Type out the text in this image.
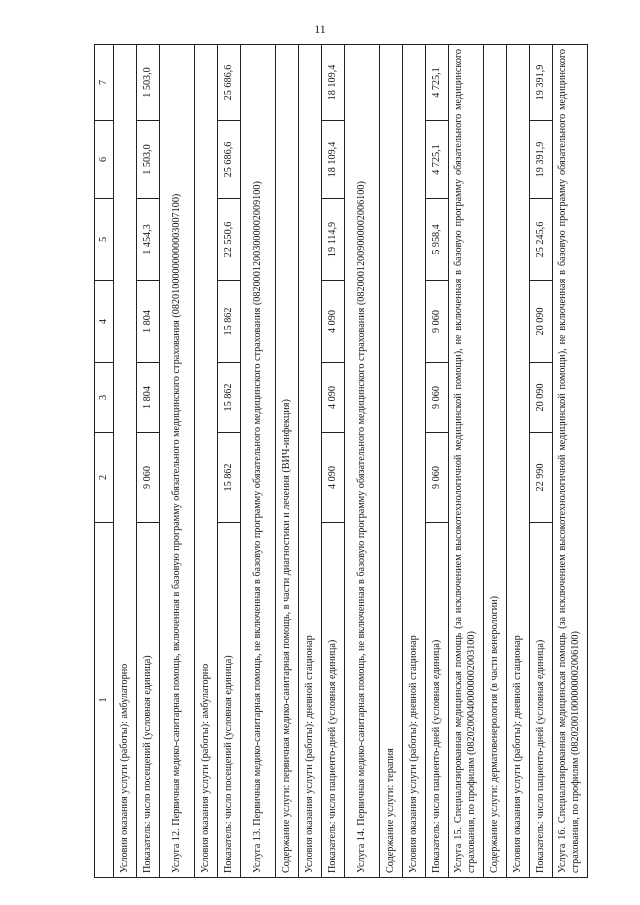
11
1	2	3	4	5	6	7
Условия оказания услуги (работы): амбулаторно						
Показатель: число посещений (условная единица)	9 060	1 804	1 804	1 454,3	1 503,0	1 503,0
Услуга 12. Первичная медико-санитарная помощь, включенная в базовую программу обязательного медицинского страхования (08201000000000003007100)						
Условия оказания услуги (работы): амбулаторно						
Показатель: число посещений (условная единица)	15 862	15 862	15 862	22 550,6	25 686,6	25 686,6
Услуга 13. Первичная медико-санитарная помощь, не включенная в базовую программу обязательного медицинского страхования (08200012003000002009100)						
Содержание услуги: первичная медико-санитарная помощь, в части диагностики и лечения (ВИЧ-инфекция)						
Условия оказания услуги (работы): дневной стационар						
Показатель: число пациенто-дней (условная единица)	4 090	4 090	4 090	19 114,9	18 109,4	18 109,4
Услуга 14. Первичная медико-санитарная помощь, не включенная в базовую программу обязательного медицинского страхования (08200012009000002006100)						
Содержание услуги: терапия						
Условия оказания услуги (работы): дневной стационар						
Показатель: число пациенто-дней (условная единица)	9 060	9 060	9 060	5 958,4	4 725,1	4 725,1
Услуга 15. Специализированная медицинская помощь (за исключением высокотехнологичной медицинской помощи), не включенная в базовую программу обязательного медицинского страхования, по профилям (08202000400000002003100)						
Содержание услуги: дерматовенерология (в части венерологии)						
Условия оказания услуги (работы): дневной стационар						
Показатель: число пациенто-дней (условная единица)	22 990	20 090	20 090	25 245,6	19 391,9	19 391,9
Услуга 16. Специализированная медицинская помощь (за исключением высокотехнологичной медицинской помощи), не включенная в базовую программу обязательного медицинского страхования, по профилям (08202001000000002006100)						
